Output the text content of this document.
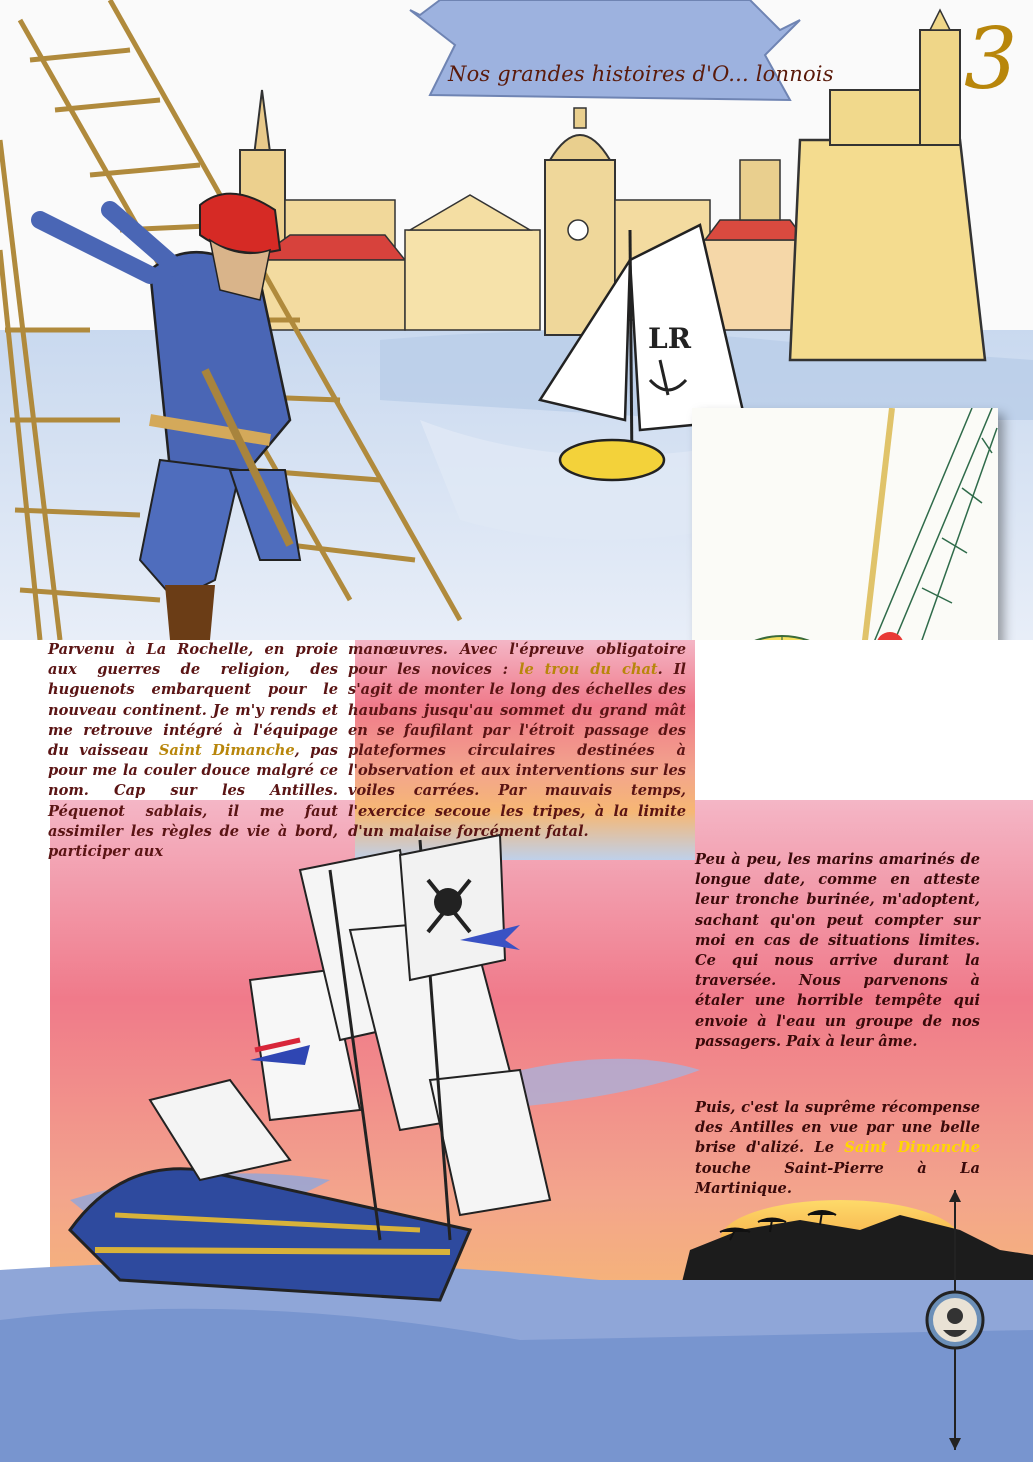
LR
Nos grandes histoires d'O... lonnois 3

Parvenu à La Rochelle, en proie aux guerres de religion, des huguenots embarquent pour le nouveau continent. Je m'y rends et me retrouve intégré à l'équipage du vaisseau Saint Dimanche, pas pour me la couler douce malgré ce nom. Cap sur les Antilles. Péquenot sablais, il me faut assimiler les règles de vie à bord, participer aux

manœuvres. Avec l'épreuve obligatoire pour les novices : le trou du chat. Il s'agit de monter le long des échelles des haubans jusqu'au sommet du grand mât en se faufilant par l'étroit passage des plateformes circulaires destinées à l'observation et aux interventions sur les voiles carrées. Par mauvais temps, l'exercice secoue les tripes, à la limite d'un malaise forcément fatal.

Peu à peu, les marins amarinés de longue date, comme en atteste leur tronche burinée, m'adoptent, sachant qu'on peut compter sur moi en cas de situations limites. Ce qui nous arrive durant la traversée. Nous parvenons à étaler une horrible tempête qui envoie à l'eau un groupe de nos passagers. Paix à leur âme.

Puis, c'est la suprême récompense des Antilles en vue par une belle brise d'alizé. Le Saint Dimanche touche Saint-Pierre à La Martinique.
